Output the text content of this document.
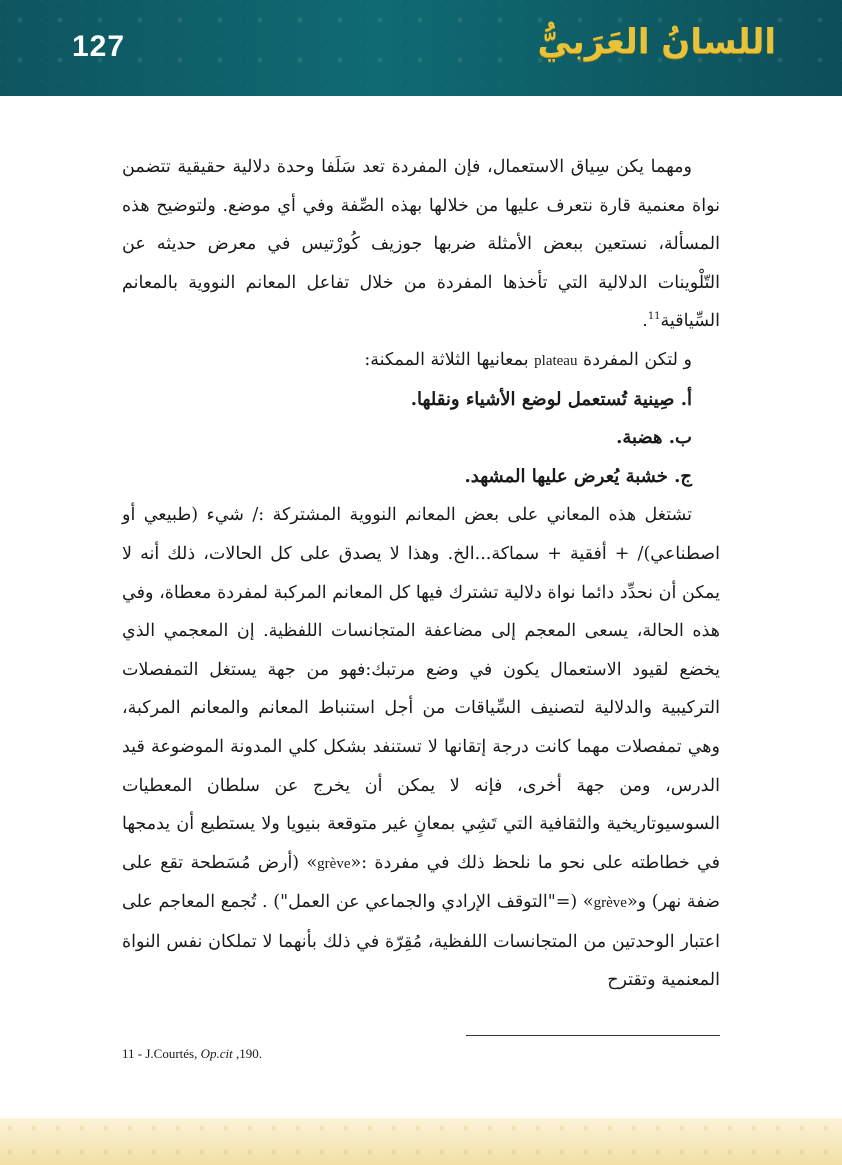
127	اللسانُ العَرَبيُّ

ومهما يكن سِياق الاستعمال، فإن المفردة تعد سَلَفا وحدة دلالية حقيقية تتضمن نواة معنمية قارة نتعرف عليها من خلالها بهذه الصِّفة وفي أي موضع. ولتوضيح هذه المسألة، نستعين ببعض الأمثلة ضربها جوزيف كُورْتيس في معرض حديثه عن التّلْوينات الدلالية التي تأخذها المفردة من خلال تفاعل المعانم النووية بالمعانم السِّياقية$^{11}$.

و لتكن المفردة plateau بمعانيها الثلاثة الممكنة:

أ. صِينية تُستعمل لوضع الأشياء ونقلها.

ب. هضبة.

ج. خشبة يُعرض عليها المشهد.

تشتغل هذه المعاني على بعض المعانم النووية المشتركة :/ شيء (طبيعي أو اصطناعي)/ + أفقية + سماكة...الخ. وهذا لا يصدق على كل الحالات، ذلك أنه لا يمكن أن نحدِّد دائما نواة دلالية تشترك فيها كل المعانم المركبة لمفردة معطاة، وفي هذه الحالة، يسعى المعجم إلى مضاعفة المتجانسات اللفظية. إن المعجمي الذي يخضع لقيود الاستعمال يكون في وضع مرتبك:فهو من جهة يستغل التمفصلات التركيبية والدلالية لتصنيف السِّياقات من أجل استنباط المعانم والمعانم المركبة، وهي تمفصلات مهما كانت درجة إتقانها لا تستنفد بشكل كلي المدونة الموضوعة قيد الدرس، ومن جهة أخرى، فإنه لا يمكن أن يخرج عن سلطان المعطيات السوسيوتاريخية والثقافية التي تَشِي بمعانٍ غير متوقعة بنيويا ولا يستطيع أن يدمجها في خطاطته على نحو ما نلحظ ذلك في مفردة :«grève» (أرض مُسَطحة تقع على ضفة نهر) و«grève» (="التوقف الإرادي والجماعي عن العمل") . تُجمع المعاجم على اعتبار الوحدتين من المتجانسات اللفظية، مُقِرّة في ذلك بأنهما لا تملكان نفس النواة المعنمية وتقترح

11 - J.Courtés, Op.cit ,190.
